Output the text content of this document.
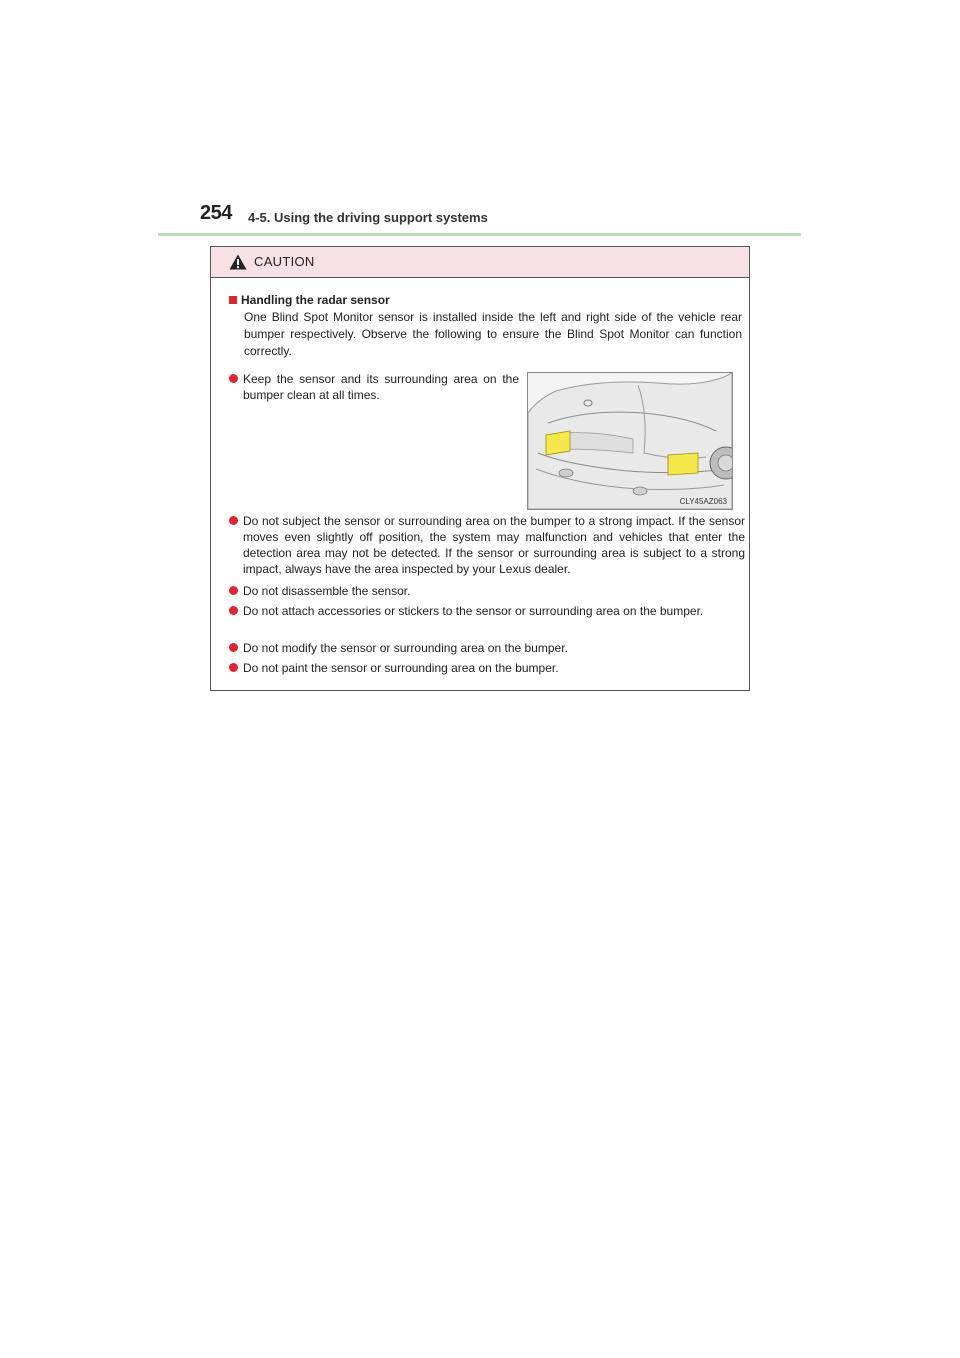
254 4-5. Using the driving support systems
CAUTION
Handling the radar sensor
One Blind Spot Monitor sensor is installed inside the left and right side of the vehicle rear bumper respectively. Observe the following to ensure the Blind Spot Monitor can function correctly.
Keep the sensor and its surrounding area on the bumper clean at all times.
CLY45AZ063
Do not subject the sensor or surrounding area on the bumper to a strong impact. If the sensor moves even slightly off position, the system may malfunction and vehicles that enter the detection area may not be detected. If the sensor or surrounding area is subject to a strong impact, always have the area inspected by your Lexus dealer.
Do not disassemble the sensor.
Do not attach accessories or stickers to the sensor or surrounding area on the bumper.
Do not modify the sensor or surrounding area on the bumper.
Do not paint the sensor or surrounding area on the bumper.
